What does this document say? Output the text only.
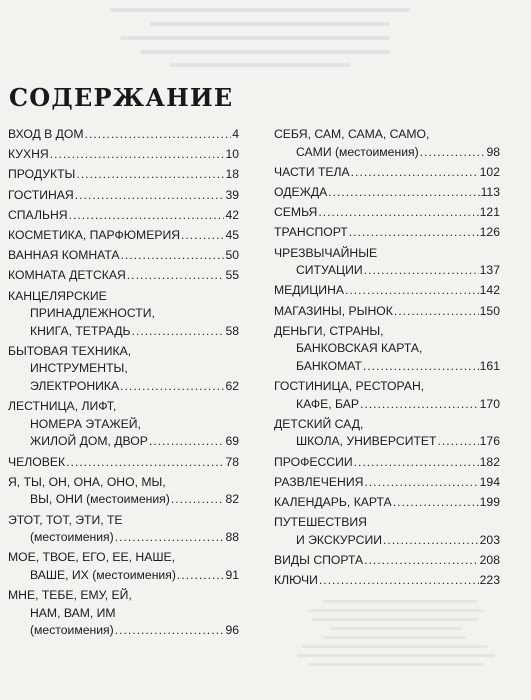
СОДЕРЖАНИЕ
ВХОД В ДОМ .....	4
КУХНЯ .....	10
ПРОДУКТЫ .....	18
ГОСТИНАЯ .....	39
СПАЛЬНЯ .....	42
КОСМЕТИКА, ПАРФЮМЕРИЯ .....	45
ВАННАЯ КОМНАТА .....	50
КОМНАТА ДЕТСКАЯ .....	55
КАНЦЕЛЯРСКИЕ
ПРИНАДЛЕЖНОСТИ,
КНИГА, ТЕТРАДЬ .....	58
БЫТОВАЯ ТЕХНИКА,
ИНСТРУМЕНТЫ,
ЭЛЕКТРОНИКА .....	62
ЛЕСТНИЦА, ЛИФТ,
НОМЕРА ЭТАЖЕЙ,
ЖИЛОЙ ДОМ, ДВОР .....	69
ЧЕЛОВЕК .....	78
Я, ТЫ, ОН, ОНА, ОНО, МЫ,
ВЫ, ОНИ (местоимения) .....	82
ЭТОТ, ТОТ, ЭТИ, ТЕ
(местоимения) .....	88
МОЕ, ТВОЕ, ЕГО, ЕЕ, НАШЕ,
ВАШЕ, ИХ (местоимения) .....	91
МНЕ, ТЕБЕ, ЕМУ, ЕЙ,
НАМ, ВАМ, ИМ
(местоимения) .....	96
СЕБЯ, САМ, САМА, САМО,
САМИ (местоимения) .....	98
ЧАСТИ ТЕЛА .....	102
ОДЕЖДА .....	113
СЕМЬЯ .....	121
ТРАНСПОРТ .....	126
ЧРЕЗВЫЧАЙНЫЕ
СИТУАЦИИ .....	137
МЕДИЦИНА .....	142
МАГАЗИНЫ, РЫНОК .....	150
ДЕНЬГИ, СТРАНЫ,
БАНКОВСКАЯ КАРТА,
БАНКОМАТ .....	161
ГОСТИНИЦА, РЕСТОРАН,
КАФЕ, БАР .....	170
ДЕТСКИЙ САД,
ШКОЛА, УНИВЕРСИТЕТ .....	176
ПРОФЕССИИ .....	182
РАЗВЛЕЧЕНИЯ .....	194
КАЛЕНДАРЬ, КАРТА .....	199
ПУТЕШЕСТВИЯ
И ЭКСКУРСИИ .....	203
ВИДЫ СПОРТА .....	208
КЛЮЧИ .....	223
